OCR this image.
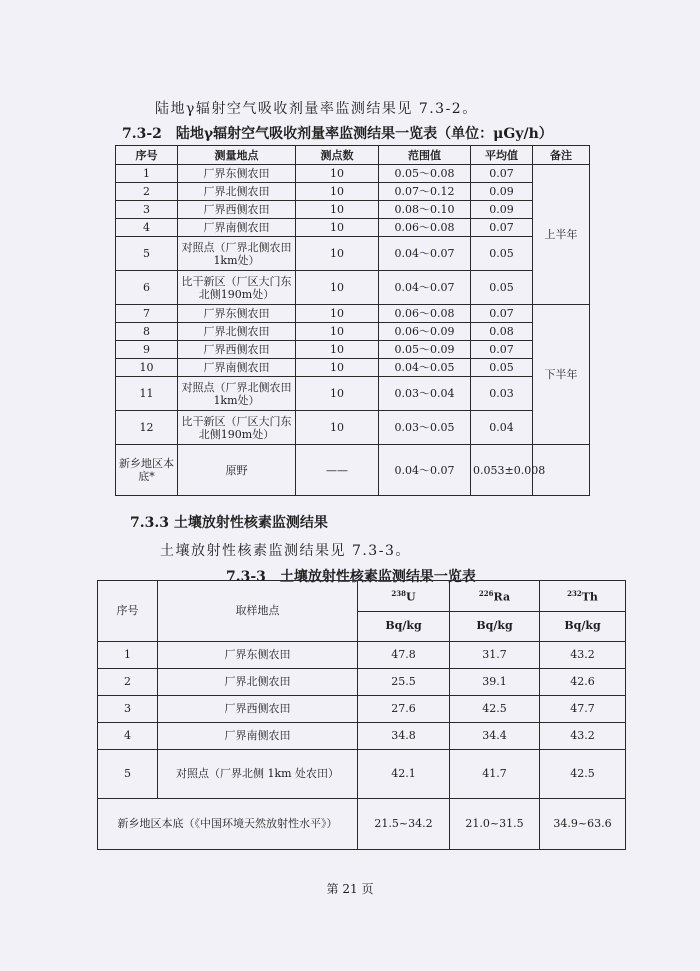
陆地γ辐射空气吸收剂量率监测结果见 7.3-2。
7.3-2　陆地γ辐射空气吸收剂量率监测结果一览表（单位：μGy/h）
序号	测量地点	测点数	范围值	平均值	备注
1	厂界东侧农田	10	0.05～0.08	0.07	上半年
2	厂界北侧农田	10	0.07～0.12	0.09	
3	厂界西侧农田	10	0.08～0.10	0.09	
4	厂界南侧农田	10	0.06～0.08	0.07	
5	对照点（厂界北侧农田1km处）	10	0.04～0.07	0.05	
6	比干新区（厂区大门东北侧190m处）	10	0.04～0.07	0.05	
7	厂界东侧农田	10	0.06～0.08	0.07	下半年
8	厂界北侧农田	10	0.06～0.09	0.08	
9	厂界西侧农田	10	0.05～0.09	0.07	
10	厂界南侧农田	10	0.04～0.05	0.05	
11	对照点（厂界北侧农田1km处）	10	0.03～0.04	0.03	
12	比干新区（厂区大门东北侧190m处）	10	0.03～0.05	0.04	
新乡地区本底*	原野	——	0.04～0.07	0.053±0.008	
7.3.3 土壤放射性核素监测结果
土壤放射性核素监测结果见 7.3-3。
7.3-3　土壤放射性核素监测结果一览表
序号	取样地点	$^{238}$U	$^{226}$Ra	$^{232}$Th
		Bq/kg	Bq/kg	Bq/kg
1	厂界东侧农田	47.8	31.7	43.2
2	厂界北侧农田	25.5	39.1	42.6
3	厂界西侧农田	27.6	42.5	47.7
4	厂界南侧农田	34.8	34.4	43.2
5	对照点（厂界北侧 1km 处农田）	42.1	41.7	42.5
新乡地区本底（《中国环境天然放射性水平》）		21.5~34.2	21.0~31.5	34.9~63.6
第 21 页
